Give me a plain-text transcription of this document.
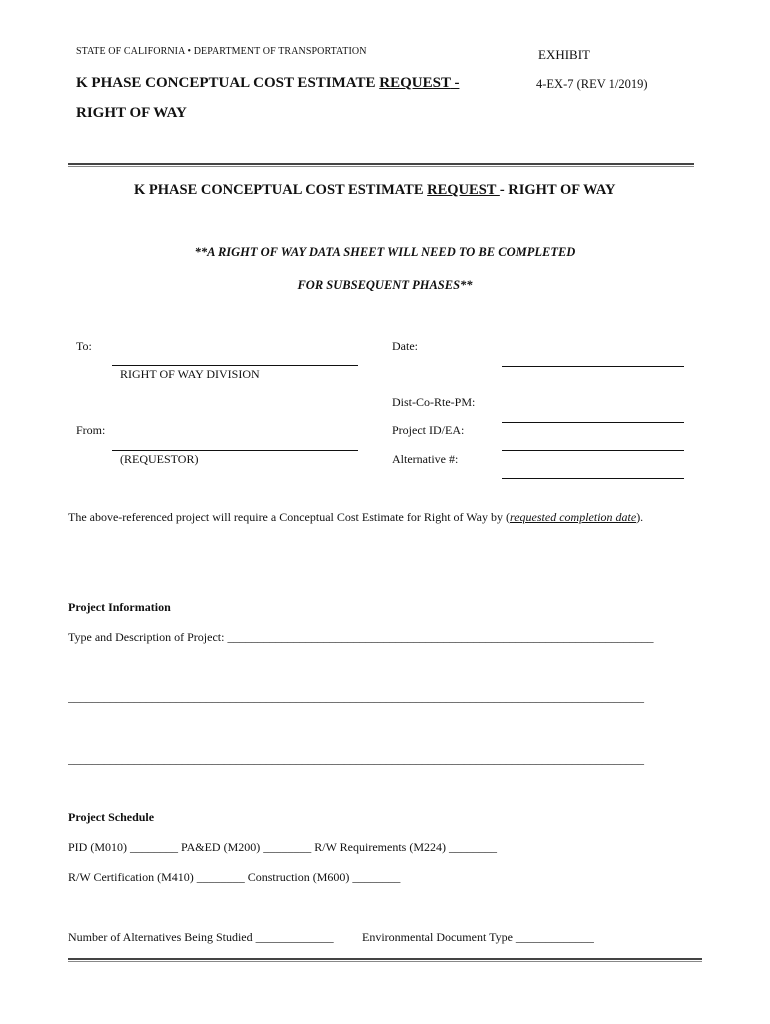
STATE OF CALIFORNIA • DEPARTMENT OF TRANSPORTATION	EXHIBIT
K PHASE CONCEPTUAL COST ESTIMATE REQUEST -	4-EX-7 (REV 1/2019)
RIGHT OF WAY
K PHASE CONCEPTUAL COST ESTIMATE REQUEST - RIGHT OF WAY
**A RIGHT OF WAY DATA SHEET WILL NEED TO BE COMPLETED
FOR SUBSEQUENT PHASES**
To:
RIGHT OF WAY DIVISION
Date:
Dist-Co-Rte-PM:
From:
(REQUESTOR)
Project ID/EA:
Alternative #:
The above-referenced project will require a Conceptual Cost Estimate for Right of Way by (requested completion date).
Project Information
Type and Description of Project: _______________________________________________________________________
________________________________________________________________________________________________
________________________________________________________________________________________________
Project Schedule
PID (M010) ________ PA&ED (M200) ________ R/W Requirements (M224) ________
R/W Certification (M410) ________ Construction (M600) ________
Number of Alternatives Being Studied _____________ Environmental Document Type _____________
